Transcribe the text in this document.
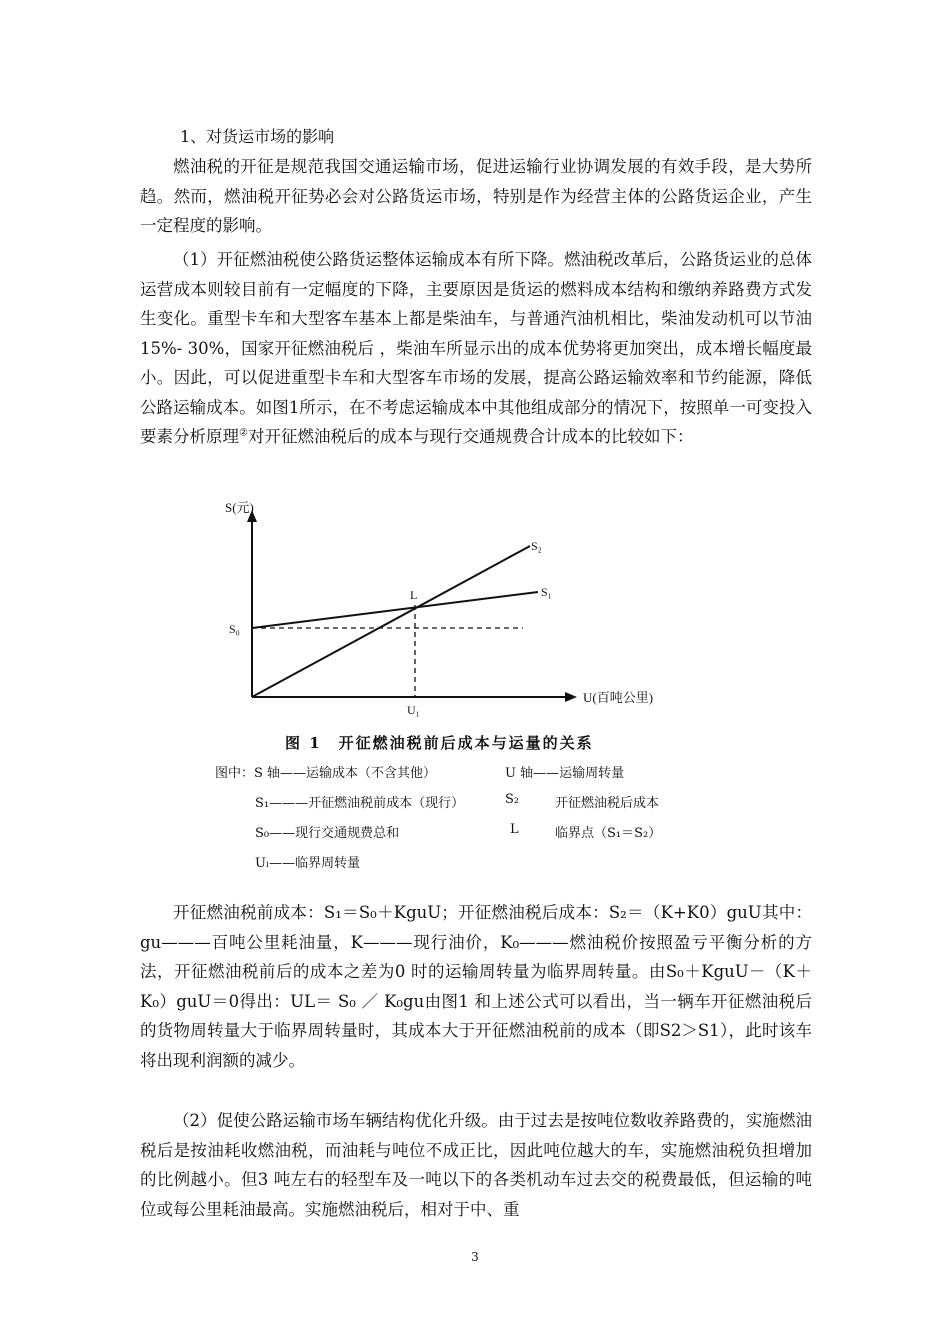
1、对货运市场的影响

燃油税的开征是规范我国交通运输市场，促进运输行业协调发展的有效手段，是大势所趋。然而，燃油税开征势必会对公路货运市场，特别是作为经营主体的公路货运企业，产生一定程度的影响。

（1）开征燃油税使公路货运整体运输成本有所下降。燃油税改革后，公路货运业的总体运营成本则较目前有一定幅度的下降，主要原因是货运的燃料成本结构和缴纳养路费方式发生变化。重型卡车和大型客车基本上都是柴油车，与普通汽油机相比，柴油发动机可以节油15%- 30%，国家开征燃油税后 ，柴油车所显示出的成本优势将更加突出，成本增长幅度最小。因此，可以促进重型卡车和大型客车市场的发展，提高公路运输效率和节约能源，降低公路运输成本。如图1所示，在不考虑运输成本中其他组成部分的情况下，按照单一可变投入要素分析原理②对开征燃油税后的成本与现行交通规费合计成本的比较如下：

S(元)
U(百吨公里)
S₀
S₁
S₂
L
U₁
图 1　开征燃油税前后成本与运量的关系
图中：S 轴——运输成本（不含其他）	U 轴——运输周转量
S₁———开征燃油税前成本（现行）	S₂	开征燃油税后成本
S₀——现行交通规费总和	L	临界点（S₁＝S₂）
Uₗ——临界周转量

开征燃油税前成本：S₁＝S₀＋KguU；开征燃油税后成本：S₂＝（K+K0）guU其中：gu———百吨公里耗油量，K———现行油价，K₀———燃油税价按照盈亏平衡分析的方法，开征燃油税前后的成本之差为0 时的运输周转量为临界周转量。由S₀＋KguU－（K＋K₀）guU＝0得出：UL＝ S₀ ／ K₀gu由图1 和上述公式可以看出，当一辆车开征燃油税后的货物周转量大于临界周转量时，其成本大于开征燃油税前的成本（即S2＞S1），此时该车将出现利润额的减少。

（2）促使公路运输市场车辆结构优化升级。由于过去是按吨位数收养路费的，实施燃油税后是按油耗收燃油税，而油耗与吨位不成正比，因此吨位越大的车，实施燃油税负担增加的比例越小。但3 吨左右的轻型车及一吨以下的各类机动车过去交的税费最低，但运输的吨位或每公里耗油最高。实施燃油税后，相对于中、重

3
